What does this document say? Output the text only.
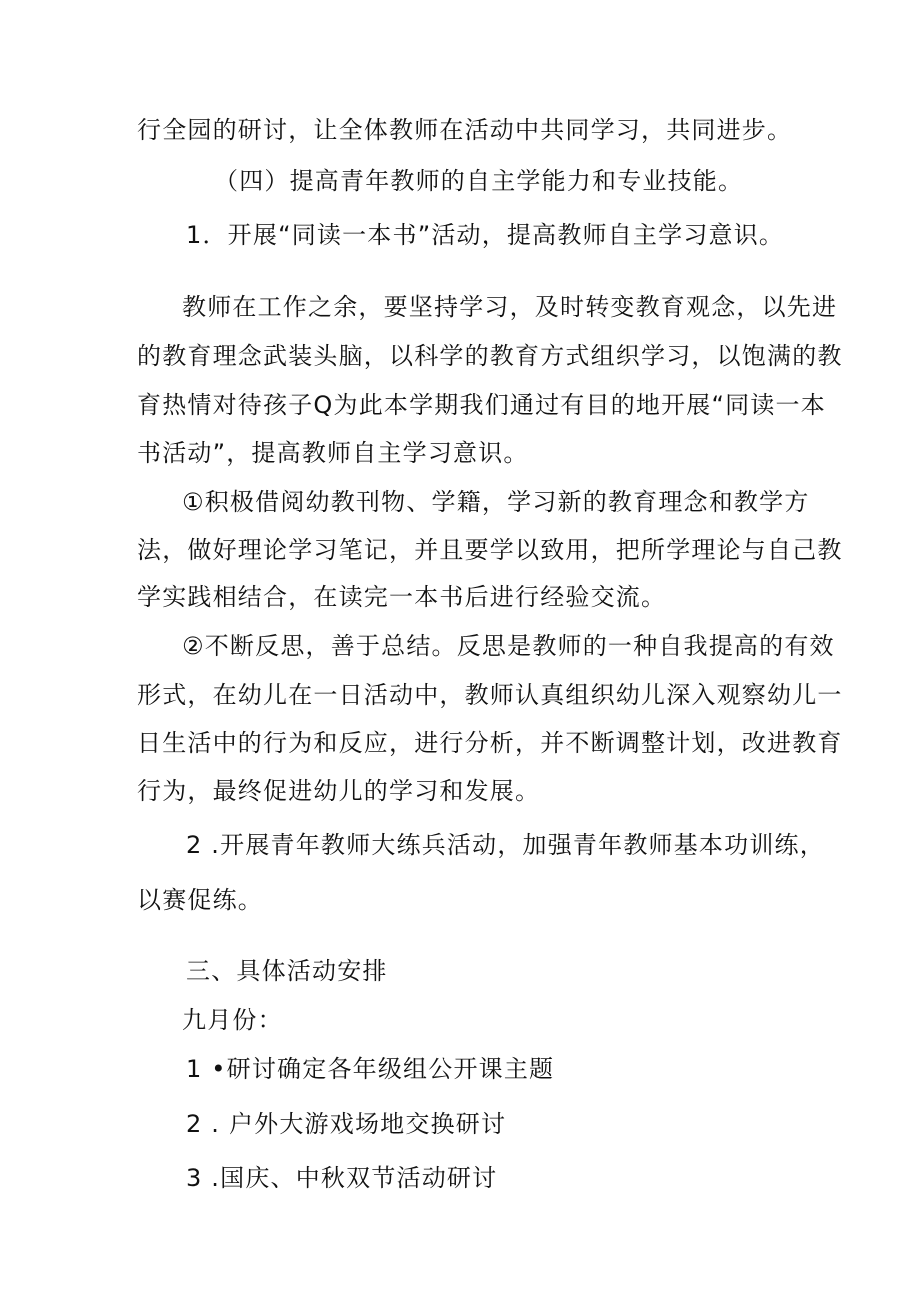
行全园的研讨，让全体教师在活动中共同学习，共同进步。
（四）提高青年教师的自主学能力和专业技能。
1．开展“同读一本书”活动，提高教师自主学习意识。
教师在工作之余，要坚持学习，及时转变教育观念，以先进
的教育理念武装头脑，以科学的教育方式组织学习，以饱满的教
育热情对待孩子Q为此本学期我们通过有目的地开展“同读一本
书活动”，提高教师自主学习意识。
①积极借阅幼教刊物、学籍，学习新的教育理念和教学方
法，做好理论学习笔记，并且要学以致用，把所学理论与自己教
学实践相结合，在读完一本书后进行经验交流。
②不断反思，善于总结。反思是教师的一种自我提高的有效
形式，在幼儿在一日活动中，教师认真组织幼儿深入观察幼儿一
日生活中的行为和反应，进行分析，并不断调整计划，改进教育
行为，最终促进幼儿的学习和发展。
2 .开展青年教师大练兵活动，加强青年教师基本功训练，
以赛促练。
三、具体活动安排
九月份：
1 •研讨确定各年级组公开课主题
2 . 户外大游戏场地交换研讨
3 .国庆、中秋双节活动研讨
